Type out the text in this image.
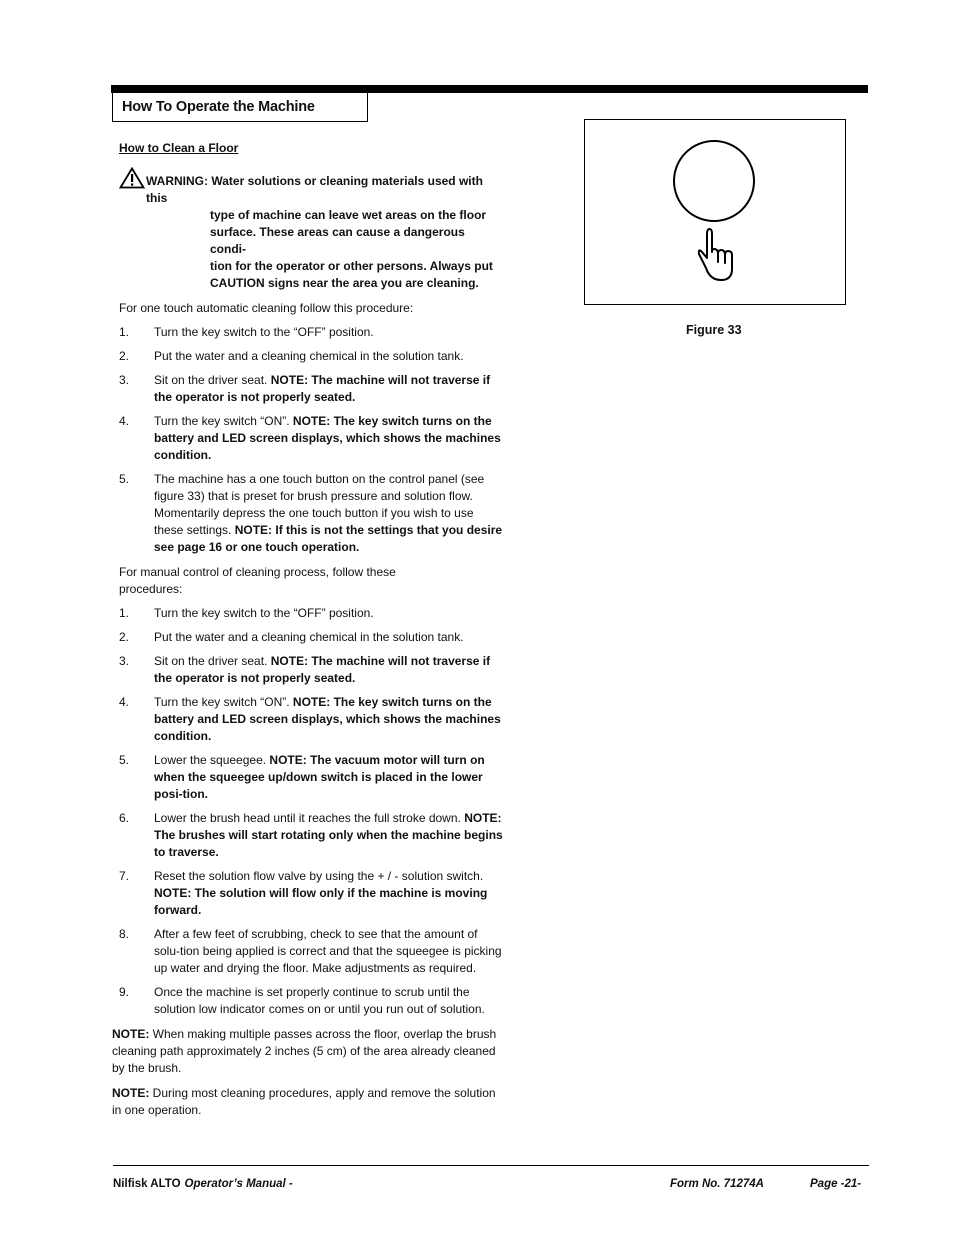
How To Operate the Machine
How to Clean a Floor
WARNING: Water solutions or cleaning materials used with this
type of machine can leave wet areas on the floor
surface. These areas can cause a dangerous condi-
tion for the operator or other persons. Always put
CAUTION signs near the area you are cleaning.
For one touch automatic cleaning follow this procedure:
1. Turn the key switch to the “OFF” position.
2. Put the water and a cleaning chemical in the solution tank.
3. Sit on the driver seat. NOTE: The machine will not traverse if the operator is not properly seated.
4. Turn the key switch “ON”. NOTE: The key switch turns on the battery and LED screen displays, which shows the machines condition.
5. The machine has a one touch button on the control panel (see figure 33) that is preset for brush pressure and solution flow. Momentarily depress the one touch button if you wish to use these settings. NOTE: If this is not the settings that you desire see page 16 or one touch operation.
For manual control of cleaning process, follow these procedures:
1. Turn the key switch to the “OFF” position.
2. Put the water and a cleaning chemical in the solution tank.
3. Sit on the driver seat. NOTE: The machine will not traverse if the operator is not properly seated.
4. Turn the key switch “ON”. NOTE: The key switch turns on the battery and LED screen displays, which shows the machines condition.
5. Lower the squeegee. NOTE: The vacuum motor will turn on when the squeegee up/down switch is placed in the lower posi-tion.
6. Lower the brush head until it reaches the full stroke down. NOTE: The brushes will start rotating only when the machine begins to traverse.
7. Reset the solution flow valve by using the + / - solution switch. NOTE: The solution will flow only if the machine is moving forward.
8. After a few feet of scrubbing, check to see that the amount of solu-tion being applied is correct and that the squeegee is picking up water and drying the floor. Make adjustments as required.
9. Once the machine is set properly continue to scrub until the solution low indicator comes on or until you run out of solution.
NOTE: When making multiple passes across the floor, overlap the brush cleaning path approximately 2 inches (5 cm) of the area already cleaned by the brush.
NOTE: During most cleaning procedures, apply and remove the solution in one operation.
Figure 33
Nilfisk ALTO Operator’s Manual -	Form No. 71274A	Page -21-
